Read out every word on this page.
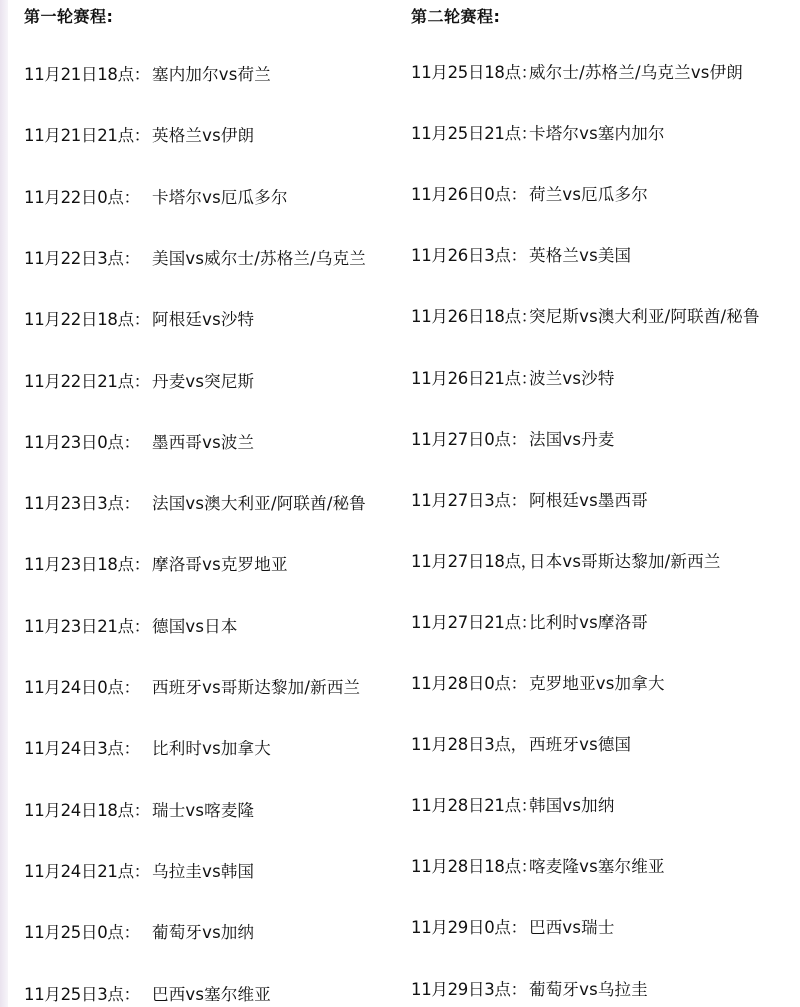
第一轮赛程:
11月21日18点： 塞内加尔vs荷兰
11月21日21点： 英格兰vs伊朗
11月22日0点： 卡塔尔vs厄瓜多尔
11月22日3点： 美国vs威尔士/苏格兰/乌克兰
11月22日18点： 阿根廷vs沙特
11月22日21点： 丹麦vs突尼斯
11月23日0点： 墨西哥vs波兰
11月23日3点： 法国vs澳大利亚/阿联酋/秘鲁
11月23日18点： 摩洛哥vs克罗地亚
11月23日21点： 德国vs日本
11月24日0点： 西班牙vs哥斯达黎加/新西兰
11月24日3点： 比利时vs加拿大
11月24日18点： 瑞士vs喀麦隆
11月24日21点： 乌拉圭vs韩国
11月25日0点： 葡萄牙vs加纳
11月25日3点： 巴西vs塞尔维亚
第二轮赛程:
11月25日18点：威尔士/苏格兰/乌克兰vs伊朗
11月25日21点：卡塔尔vs塞内加尔
11月26日0点： 荷兰vs厄瓜多尔
11月26日3点： 英格兰vs美国
11月26日18点：突尼斯vs澳大利亚/阿联酋/秘鲁
11月26日21点：波兰vs沙特
11月27日0点： 法国vs丹麦
11月27日3点： 阿根廷vs墨西哥
11月27日18点，日本vs哥斯达黎加/新西兰
11月27日21点：比利时vs摩洛哥
11月28日0点： 克罗地亚vs加拿大
11月28日3点， 西班牙vs德国
11月28日21点：韩国vs加纳
11月28日18点：喀麦隆vs塞尔维亚
11月29日0点： 巴西vs瑞士
11月29日3点： 葡萄牙vs乌拉圭
